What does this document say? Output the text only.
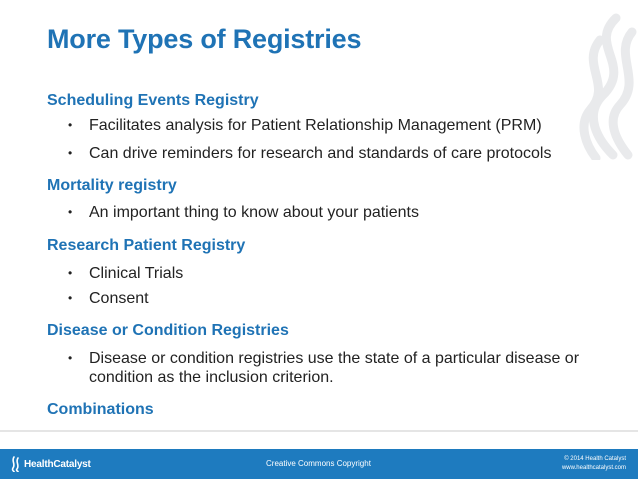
More Types of Registries
Scheduling Events Registry
• Facilitates analysis for Patient Relationship Management (PRM)
• Can drive reminders for research and standards of care protocols
Mortality registry
• An important thing to know about your patients
Research Patient Registry
• Clinical Trials
• Consent
Disease or Condition Registries
• Disease or condition registries use the state of a particular disease or condition as the inclusion criterion.
Combinations
HealthCatalyst	Creative Commons Copyright	© 2014 Health Catalyst
www.healthcatalyst.com
